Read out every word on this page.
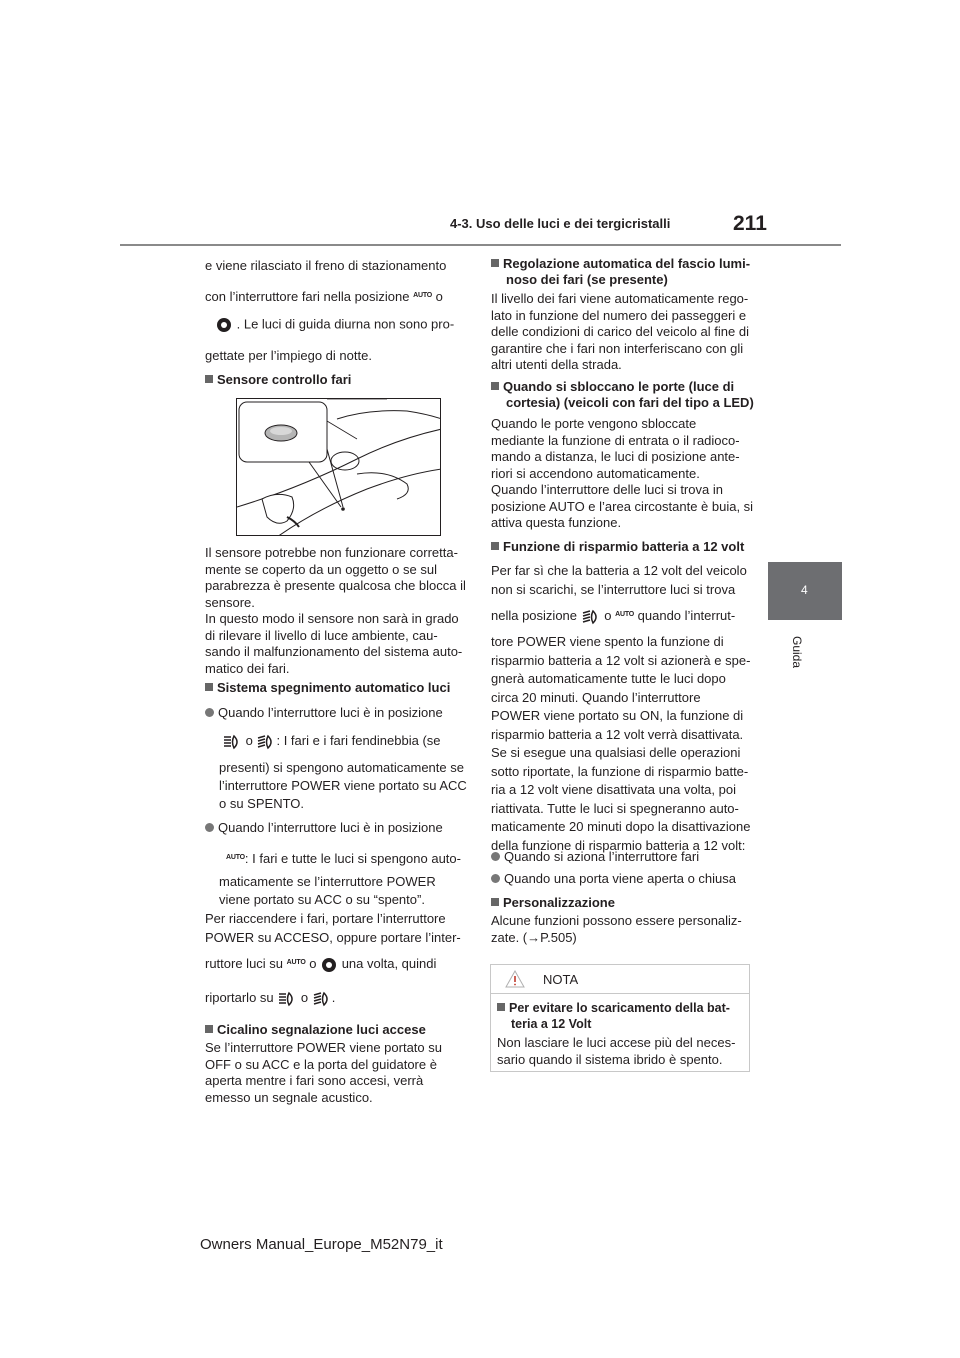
4-3. Uso delle luci e dei tergicristalli	211
4
Guida
e viene rilasciato il freno di stazionamento
con l’interruttore fari nella posizione $^{AUTO}$ o
. Le luci di guida diurna non sono pro-
gettate per l’impiego di notte.
Sensore controllo fari

Il sensore potrebbe non funzionare corretta-

mente se coperto da un oggetto o se sul

parabrezza è presente qualcosa che blocca il

sensore.

In questo modo il sensore non sarà in grado

di rilevare il livello di luce ambiente, cau-

sando il malfunzionamento del sistema auto-

matico dei fari.

Sistema spegnimento automatico luci
Quando l’interruttore luci è in posizione
o : I fari e i fari fendinebbia (se
presenti) si spengono automaticamente se
l’interruttore POWER viene portato su ACC
o su SPENTO.
Quando l’interruttore luci è in posizione
$^{AUTO}$: I fari e tutte le luci si spengono auto-
maticamente se l’interruttore POWER
viene portato su ACC o su “spento”.
Per riaccendere i fari, portare l’interruttore
POWER su ACCESO, oppure portare l’inter-
ruttore luci su $^{AUTO}$ o una volta, quindi
riportarlo su o .
Cicalino segnalazione luci accese

Se l’interruttore POWER viene portato su

OFF o su ACC e la porta del guidatore è

aperta mentre i fari sono accesi, verrà

emesso un segnale acustico.

Regolazione automatica del fascio lumi-
noso dei fari (se presente)

Il livello dei fari viene automaticamente rego-

lato in funzione del numero dei passeggeri e

delle condizioni di carico del veicolo al fine di

garantire che i fari non interferiscano con gli

altri utenti della strada.

Quando si sbloccano le porte (luce di
cortesia) (veicoli con fari del tipo a LED)

Quando le porte vengono sbloccate

mediante la funzione di entrata o il radioco-

mando a distanza, le luci di posizione ante-

riori si accendono automaticamente.

Quando l’interruttore delle luci si trova in

posizione AUTO e l’area circostante è buia, si

attiva questa funzione.

Funzione di risparmio batteria a 12 volt
Per far sì che la batteria a 12 volt del veicolo
non si scarichi, se l’interruttore luci si trova
nella posizione o $^{AUTO}$ quando l’interrut-

tore POWER viene spento la funzione di

risparmio batteria a 12 volt si azionerà e spe-

gnerà automaticamente tutte le luci dopo

circa 20 minuti. Quando l’interruttore

POWER viene portato su ON, la funzione di

risparmio batteria a 12 volt verrà disattivata.

Se si esegue una qualsiasi delle operazioni

sotto riportate, la funzione di risparmio batte-

ria a 12 volt viene disattivata una volta, poi

riattivata. Tutte le luci si spegneranno auto-

maticamente 20 minuti dopo la disattivazione

della funzione di risparmio batteria a 12 volt:

Quando si aziona l’interruttore fari
Quando una porta viene aperta o chiusa
Personalizzazione

Alcune funzioni possono essere personaliz-

zate. (→P.505)

NOTA
Per evitare lo scaricamento della bat-
teria a 12 Volt

Non lasciare le luci accese più del neces-

sario quando il sistema ibrido è spento.

Owners Manual_Europe_M52N79_it
